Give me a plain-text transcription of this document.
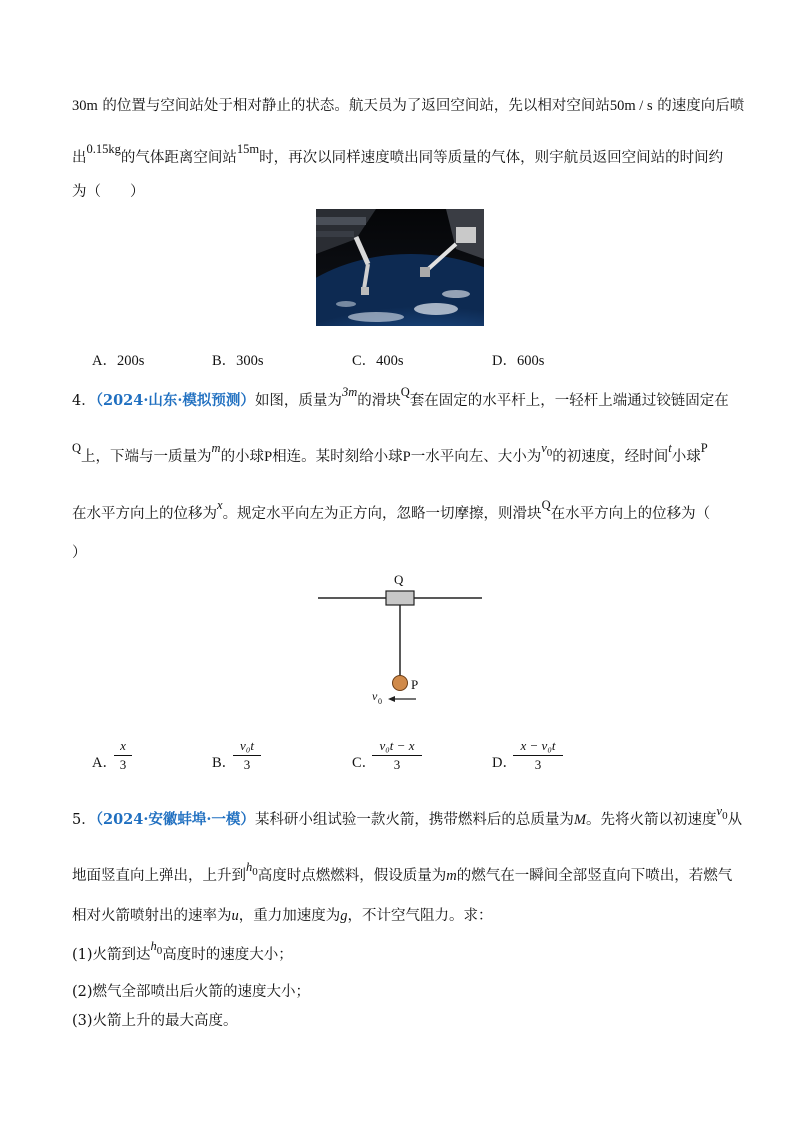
30m 的位置与空间站处于相对静止的状态。航天员为了返回空间站，先以相对空间站50m / s 的速度向后喷
出0.15kg的气体距离空间站15m时，再次以同样速度喷出同等质量的气体，则宇航员返回空间站的时间约
为（　　）
A．200s	B．300s	C．400s	D．600s
4．（2024·山东·模拟预测）如图，质量为3m的滑块Q套在固定的水平杆上，一轻杆上端通过铰链固定在
Q上，下端与一质量为m的小球P相连。某时刻给小球P一水平向左、大小为$v^0$的初速度，经时间t小球P
在水平方向上的位移为x。规定水平向左为正方向，忽略一切摩擦，则滑块Q在水平方向上的位移为（
）
Q
P
v 0
A．
x
3	B．
v₀t
3	C．
v₀t − x
3	D．
x − v₀t
3
5．（2024·安徽蚌埠·一模）某科研小组试验一款火箭，携带燃料后的总质量为M。先将火箭以初速度$v^0$从
地面竖直向上弹出，上升到$h^0$高度时点燃燃料，假设质量为m的燃气在一瞬间全部竖直向下喷出，若燃气
相对火箭喷射出的速率为u，重力加速度为g，不计空气阻力。求：
(1)火箭到达$h^0$高度时的速度大小；
(2)燃气全部喷出后火箭的速度大小；
(3)火箭上升的最大高度。
